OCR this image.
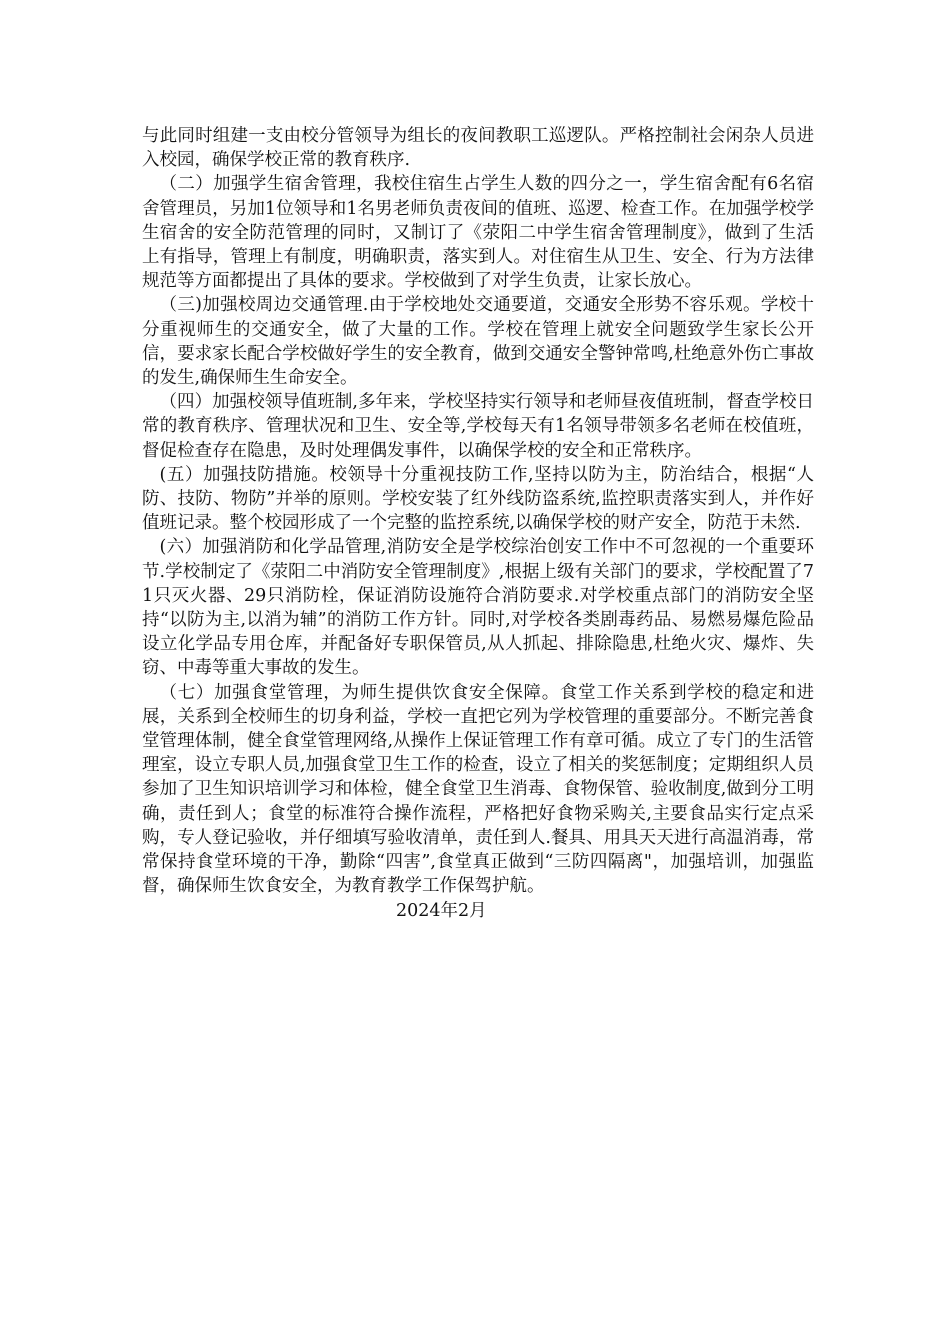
与此同时组建一支由校分管领导为组长的夜间教职工巡逻队。严格控制社会闲杂人员进入校园，确保学校正常的教育秩序.

（二）加强学生宿舍管理，我校住宿生占学生人数的四分之一，学生宿舍配有6名宿舍管理员，另加1位领导和1名男老师负责夜间的值班、巡逻、检查工作。在加强学校学生宿舍的安全防范管理的同时，又制订了《荥阳二中学生宿舍管理制度》，做到了生活上有指导，管理上有制度，明确职责，落实到人。对住宿生从卫生、安全、行为方法律规范等方面都提出了具体的要求。学校做到了对学生负责，让家长放心。

（三)加强校周边交通管理.由于学校地处交通要道，交通安全形势不容乐观。学校十分重视师生的交通安全，做了大量的工作。学校在管理上就安全问题致学生家长公开信，要求家长配合学校做好学生的安全教育，做到交通安全警钟常鸣,杜绝意外伤亡事故的发生,确保师生生命安全。

（四）加强校领导值班制,多年来，学校坚持实行领导和老师昼夜值班制，督查学校日常的教育秩序、管理状况和卫生、安全等,学校每天有1名领导带领多名老师在校值班，督促检查存在隐患，及时处理偶发事件，以确保学校的安全和正常秩序。

(五）加强技防措施。校领导十分重视技防工作,坚持以防为主，防治结合，根据“人防、技防、物防”并举的原则。学校安装了红外线防盗系统,监控职责落实到人，并作好值班记录。整个校园形成了一个完整的监控系统,以确保学校的财产安全，防范于未然.

(六）加强消防和化学品管理,消防安全是学校综治创安工作中不可忽视的一个重要环节.学校制定了《荥阳二中消防安全管理制度》,根据上级有关部门的要求，学校配置了71只灭火器、29只消防栓，保证消防设施符合消防要求.对学校重点部门的消防安全坚持“以防为主,以消为辅”的消防工作方针。同时,对学校各类剧毒药品、易燃易爆危险品设立化学品专用仓库，并配备好专职保管员,从人抓起、排除隐患,杜绝火灾、爆炸、失窃、中毒等重大事故的发生。

（七）加强食堂管理，为师生提供饮食安全保障。食堂工作关系到学校的稳定和进展，关系到全校师生的切身利益，学校一直把它列为学校管理的重要部分。不断完善食堂管理体制，健全食堂管理网络,从操作上保证管理工作有章可循。成立了专门的生活管理室，设立专职人员,加强食堂卫生工作的检查，设立了相关的奖惩制度；定期组织人员参加了卫生知识培训学习和体检，健全食堂卫生消毒、食物保管、验收制度,做到分工明确，责任到人；食堂的标准符合操作流程，严格把好食物采购关,主要食品实行定点采购，专人登记验收，并仔细填写验收清单，责任到人.餐具、用具天天进行高温消毒，常常保持食堂环境的干净，勤除“四害”,食堂真正做到“三防四隔离"，加强培训，加强监督，确保师生饮食安全，为教育教学工作保驾护航。

2024年2月
